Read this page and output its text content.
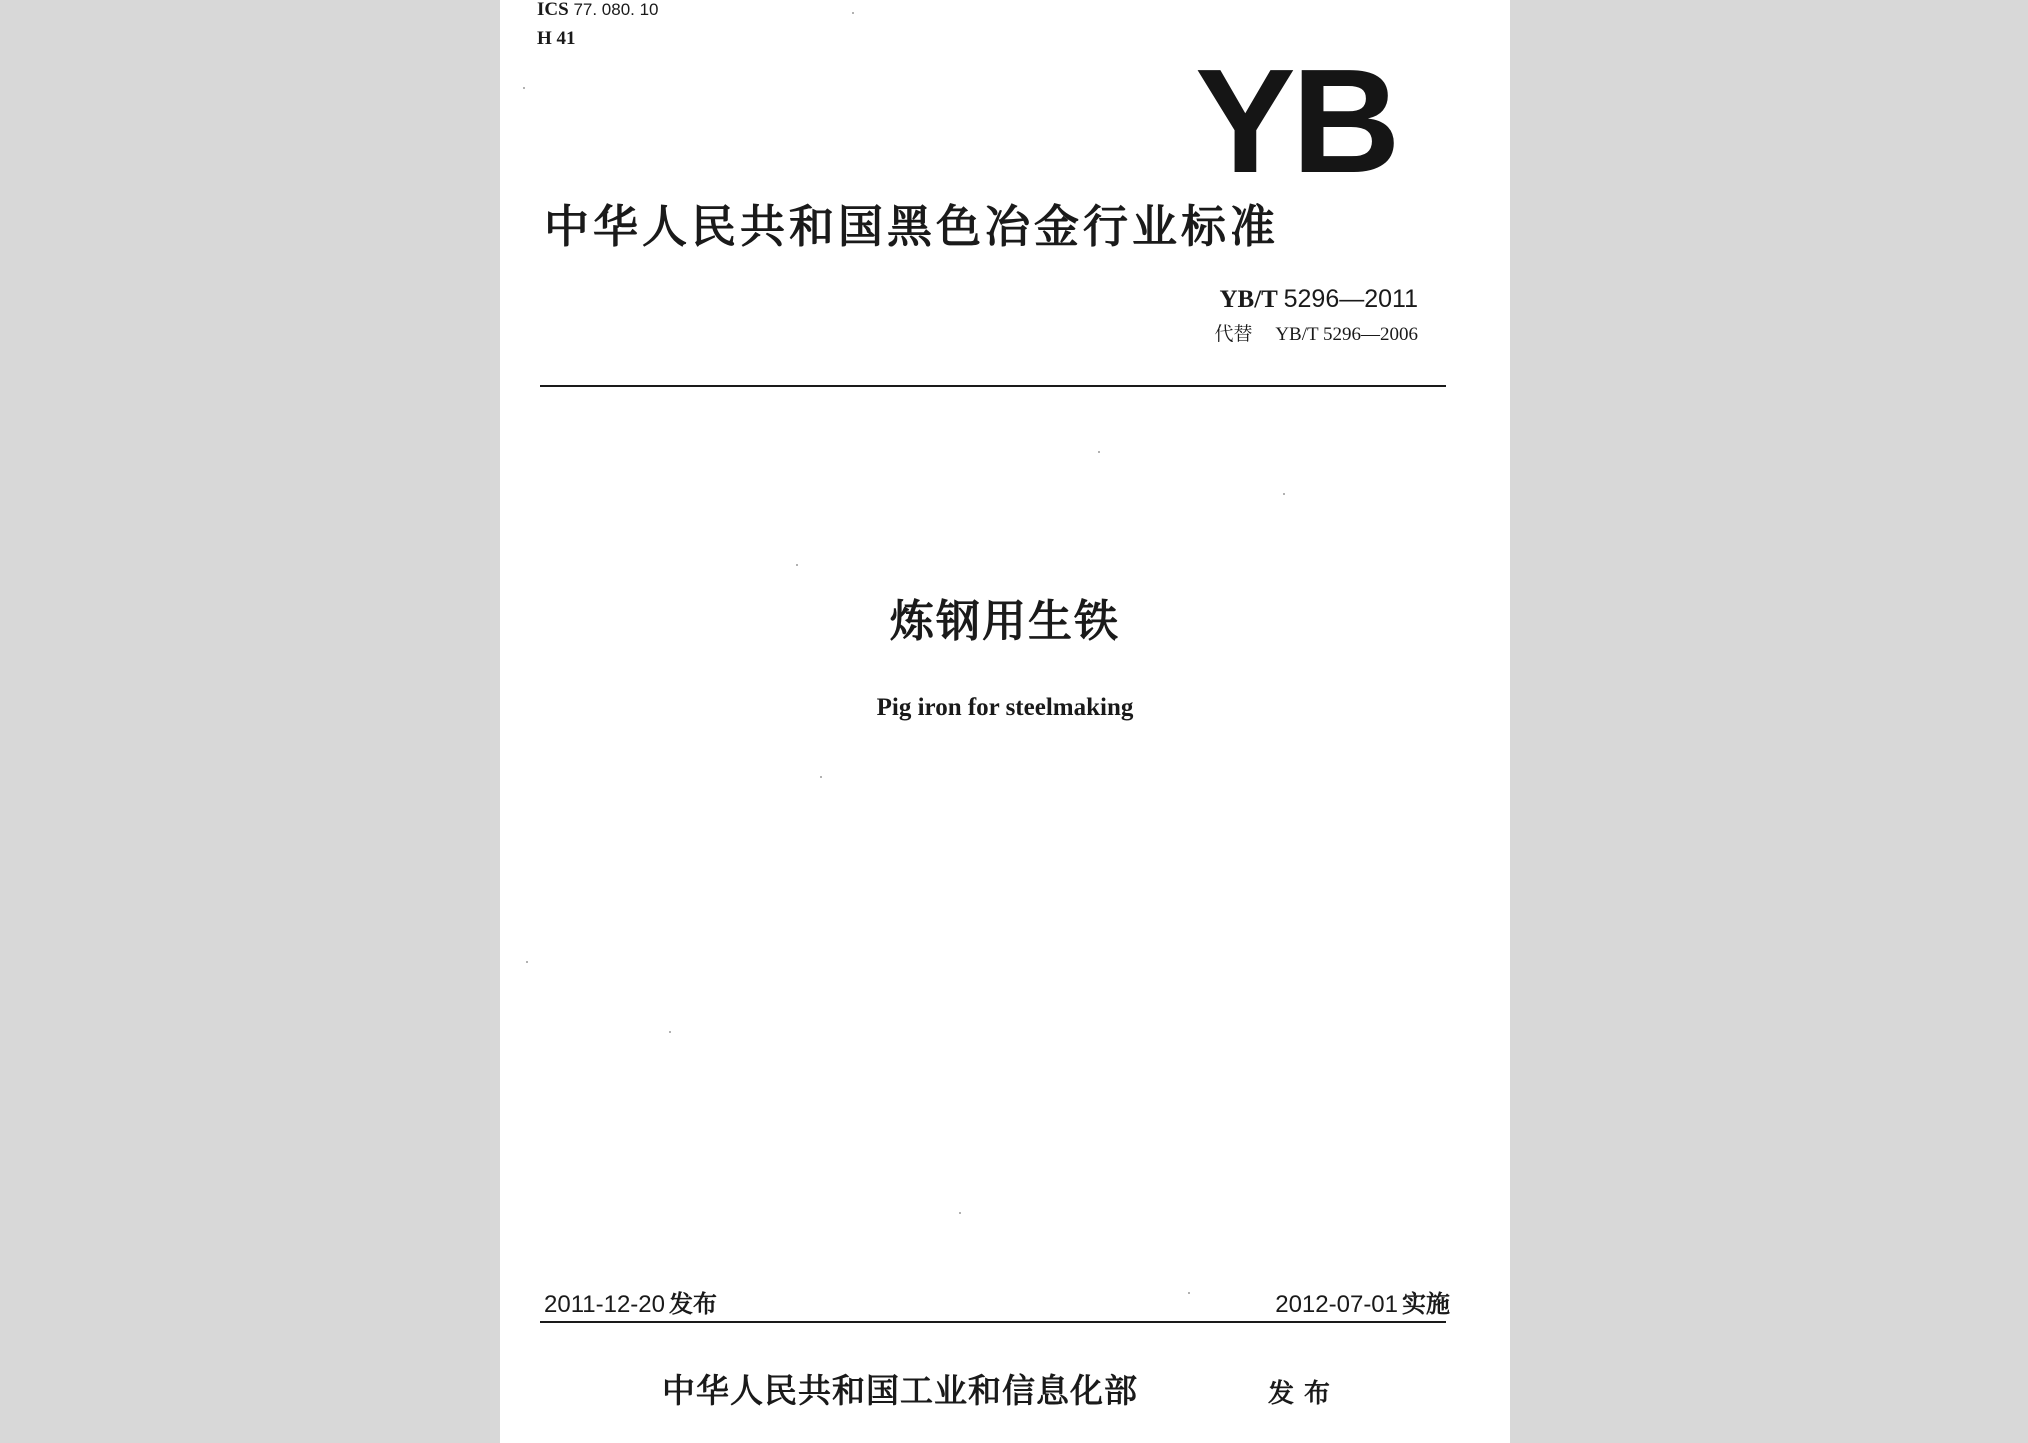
ICS 77. 080. 10
H 41
YB
中华人民共和国黑色冶金行业标准
YB/T 5296—2011
代替 YB/T 5296—2006
炼钢用生铁
Pig iron for steelmaking
2011-12-20 发布	2012-07-01 实施
中华人民共和国工业和信息化部	发布
